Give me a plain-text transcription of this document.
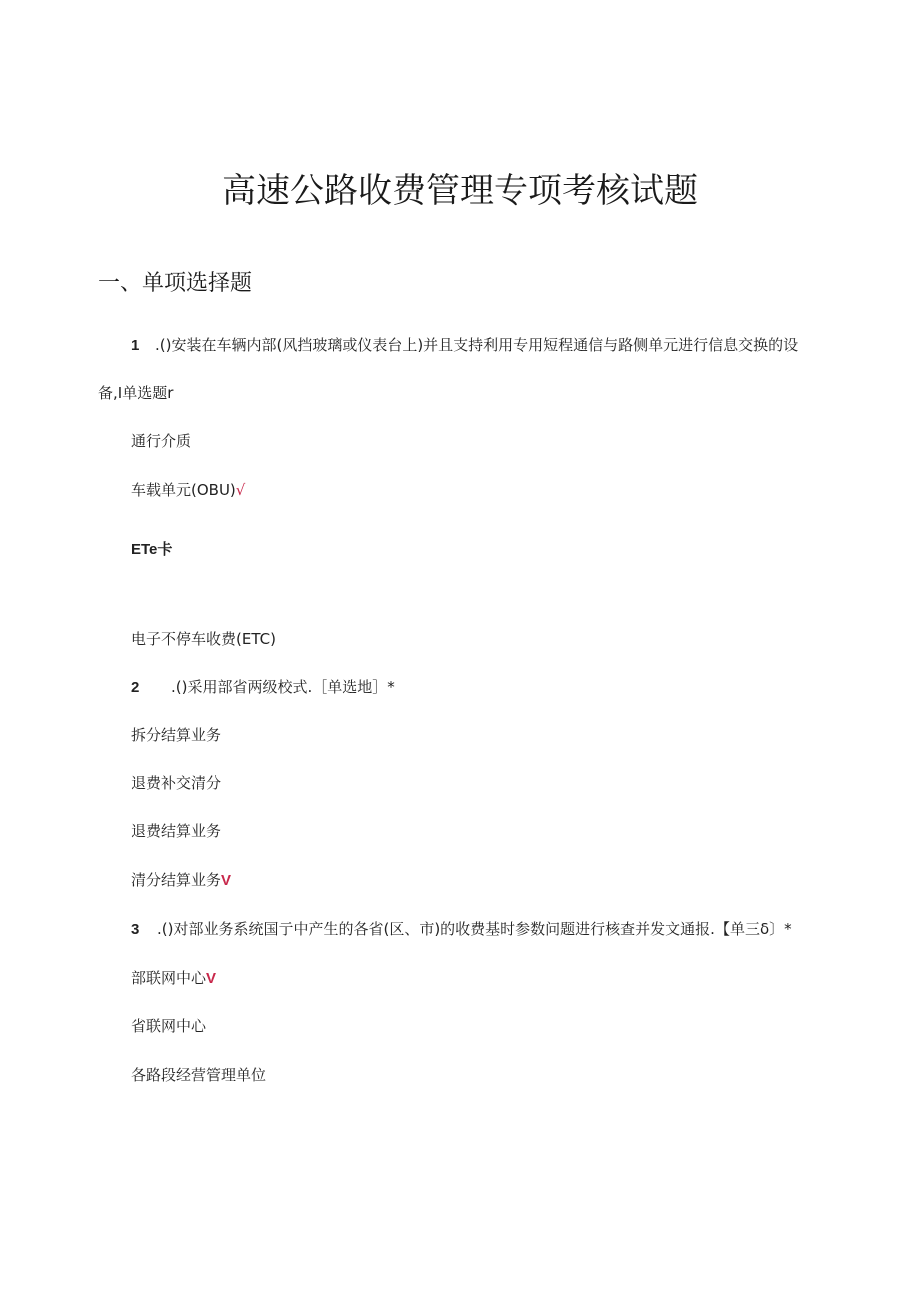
高速公路收费管理专项考核试题
一、单项选择题
1 .()安装在车辆内部(风挡玻璃或仪表台上)并且支持利用专用短程通信与路侧单元进行信息交换的设
备,I单选题r
通行介质
车载单元(OBU)√
ETe卡
电子不停车收费(ETC)
2 .()采用部省两级校式.［单选地］*
拆分结算业务
退费补交清分
退费结算业务
清分结算业务V
3 .()对部业务系统国亍中产生的各省(区、市)的收费基时参数问题进行核查并发文通报.【单三δ〕*
部联网中心V
省联网中心
各路段经营管理单位
